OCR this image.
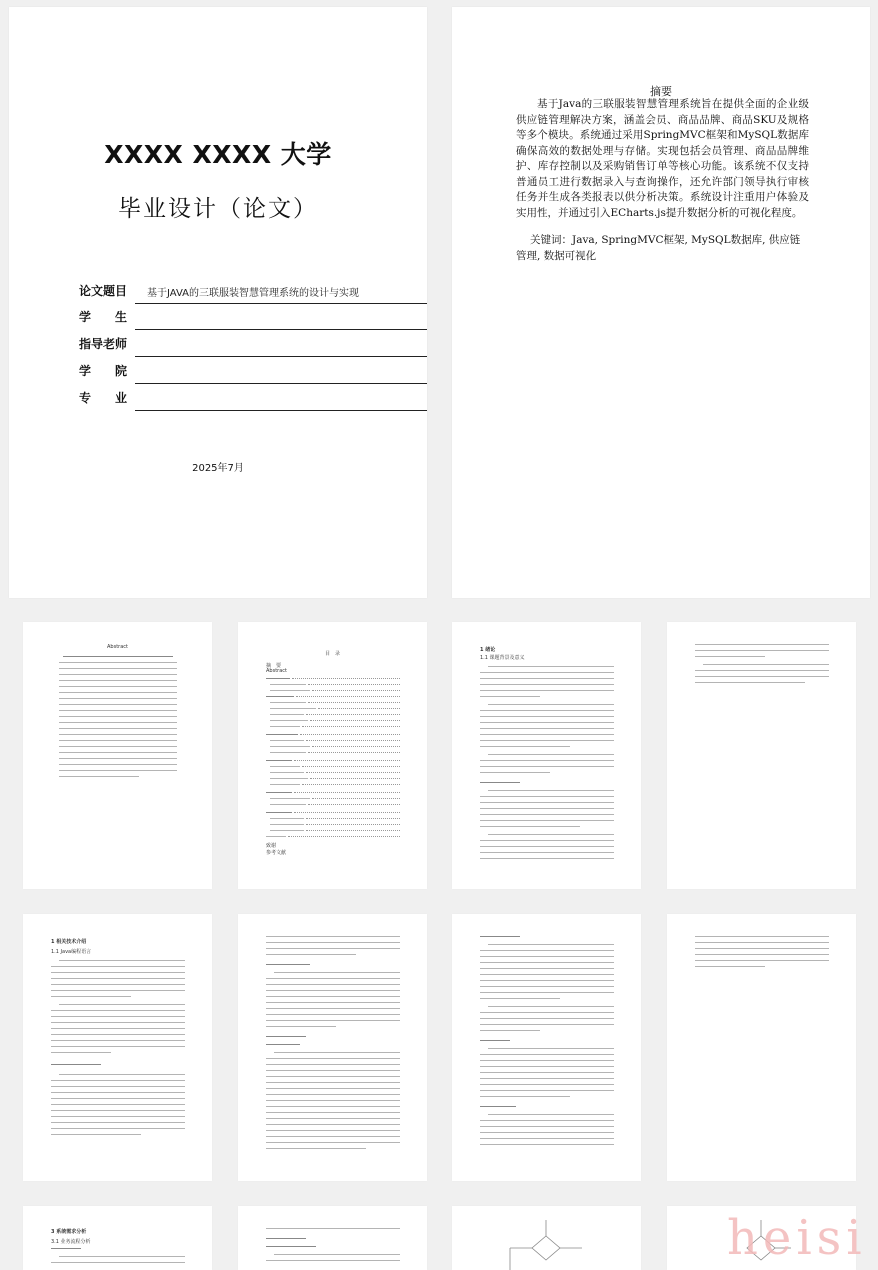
XXXX XXXX 大学
毕业设计（论文）
论文题目 基于JAVA的三联服装智慧管理系统的设计与实现
学　　生
指导老师
学　　院
专　　业
2025年7月
摘要

基于Java的三联服装智慧管理系统旨在提供全面的企业级供应链管理解决方案，涵盖会员、商品品牌、商品SKU及规格等多个模块。系统通过采用SpringMVC框架和MySQL数据库确保高效的数据处理与存储。实现包括会员管理、商品品牌维护、库存控制以及采购销售订单等核心功能。该系统不仅支持普通员工进行数据录入与查询操作，还允许部门领导执行审核任务并生成各类报表以供分析决策。系统设计注重用户体验及实用性，并通过引入ECharts.js提升数据分析的可视化程度。

关键词：Java, SpringMVC框架, MySQL数据库, 供应链管理, 数据可视化

Abstract
目　录
摘　要
Abstract
致谢
参考文献
1 绪论
1.1 课题背景及意义
1 相关技术介绍
1.1 Java编程语言
3 系统需求分析
3.1 业务流程分析	heisi
